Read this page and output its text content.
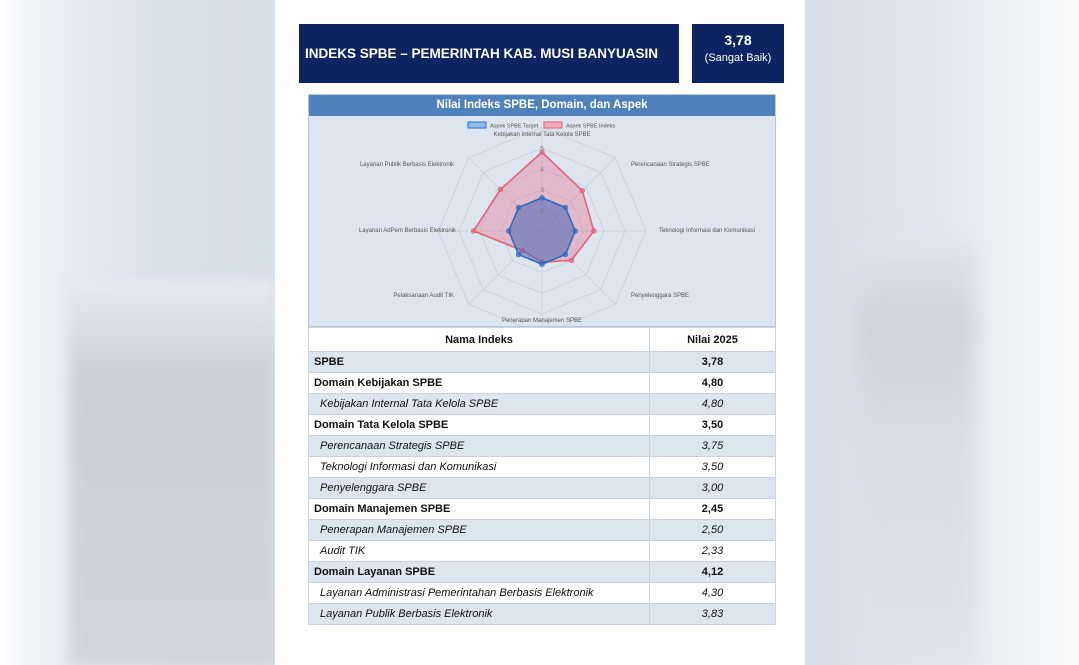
INDEKS SPBE – PEMERINTAH KAB. MUSI BANYUASIN
3,78
(Sangat Baik)
Nilai Indeks SPBE, Domain, dan Aspek
2
3
4
5
Kebijakan Internal Tata Kelola SPBE
Perencanaan Strategis SPBE
Teknologi Informasi dan Komunikasi
Penyelenggara SPBE
Penerapan Manajemen SPBE
Pelaksanaan Audit TIK
Layanan AdPem Berbasis Elektronik
Layanan Publik Berbasis Elektronik
Aspek SPBE Target	Aspek SPBE Indeks
Nama Indeks	Nilai 2025
SPBE	3,78
Domain Kebijakan SPBE	4,80
Kebijakan Internal Tata Kelola SPBE	4,80
Domain Tata Kelola SPBE	3,50
Perencanaan Strategis SPBE	3,75
Teknologi Informasi dan Komunikasi	3,50
Penyelenggara SPBE	3,00
Domain Manajemen SPBE	2,45
Penerapan Manajemen SPBE	2,50
Audit TIK	2,33
Domain Layanan SPBE	4,12
Layanan Administrasi Pemerintahan Berbasis Elektronik	4,30
Layanan Publik Berbasis Elektronik	3,83
